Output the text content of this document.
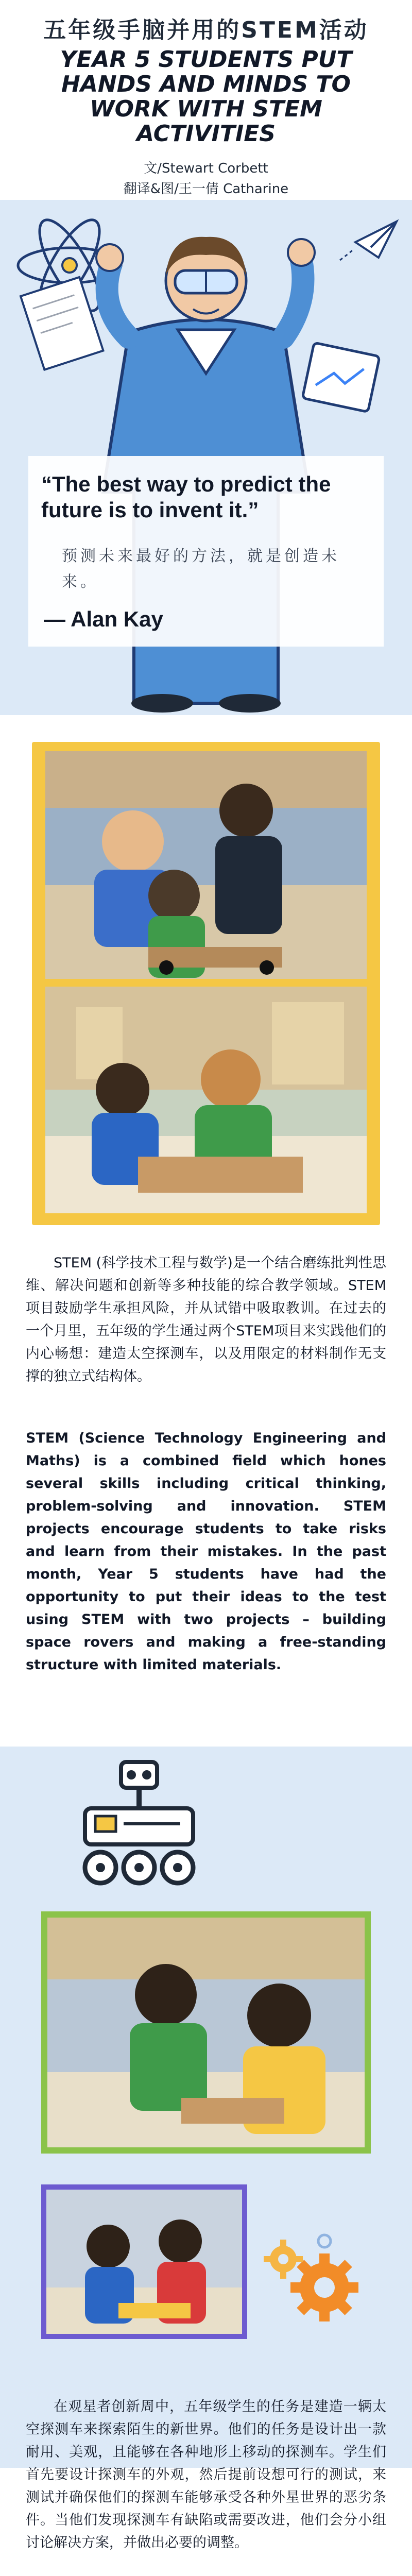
五年级手脑并用的STEM活动
YEAR 5 STUDENTS PUT HANDS AND MINDS TO WORK WITH STEM ACTIVITIES
文/Stewart Corbett
翻译&图/王一倩 Catharine
“The best way to predict the future is to invent it.”
预测未来最好的方法，就是创造未来。
— Alan Kay
STEM (科学技术工程与数学)是一个结合磨练批判性思维、解决问题和创新等多种技能的综合教学领域。STEM 项目鼓励学生承担风险，并从试错中吸取教训。在过去的一个月里，五年级的学生通过两个STEM项目来实践他们的内心畅想：建造太空探测车，以及用限定的材料制作无支撑的独立式结构体。
STEM (Science Technology Engineering and Maths) is a combined field which hones several skills including critical thinking, problem-solving and innovation. STEM projects encourage students to take risks and learn from their mistakes. In the past month, Year 5 students have had the opportunity to put their ideas to the test using STEM with two projects – building space rovers and making a free-standing structure with limited materials.
在观星者创新周中，五年级学生的任务是建造一辆太空探测车来探索陌生的新世界。他们的任务是设计出一款耐用、美观，且能够在各种地形上移动的探测车。学生们首先要设计探测车的外观，然后提前设想可行的测试，来测试并确保他们的探测车能够承受各种外星世界的恶劣条件。当他们发现探测车有缺陷或需要改进，他们会分小组讨论解决方案，并做出必要的调整。
